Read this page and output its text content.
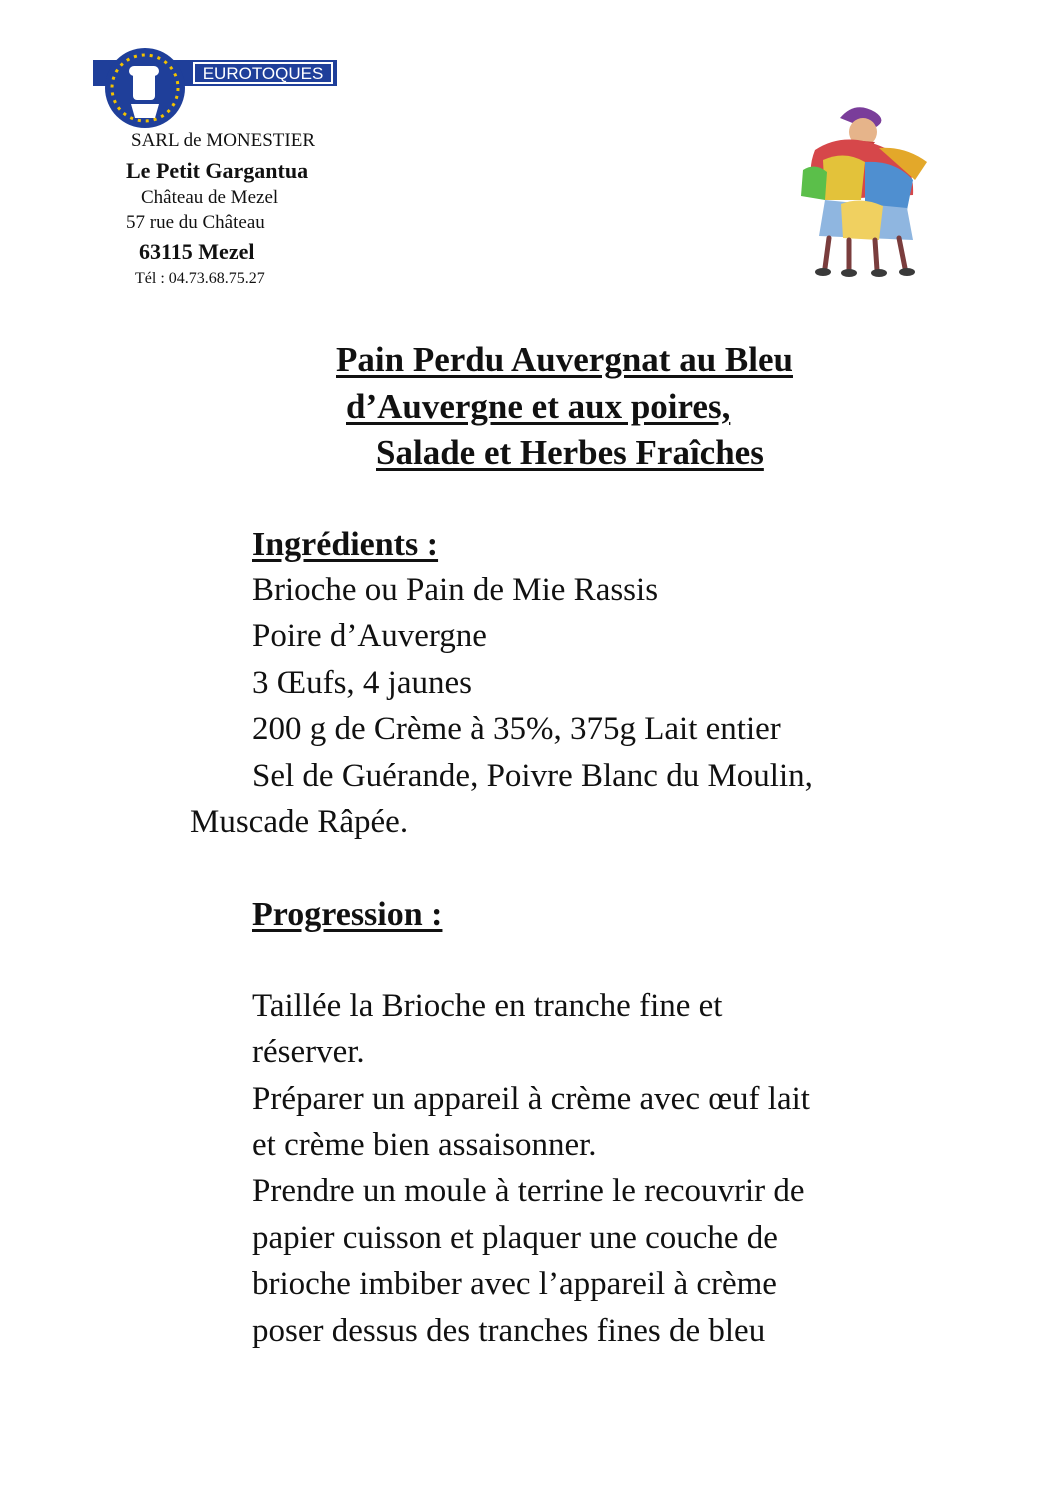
EUROTOQUES
SARL de MONESTIER
Le Petit Gargantua
Château de Mezel
57 rue du Château
63115 Mezel
Tél : 04.73.68.75.27
Pain Perdu Auvergnat au Bleu
d’Auvergne et aux poires,
Salade et Herbes Fraîches
Ingrédients :
Brioche ou Pain de Mie Rassis
Poire d’Auvergne
3 Œufs, 4 jaunes
200 g de Crème à 35%, 375g Lait entier
Sel de Guérande, Poivre Blanc du Moulin,
Muscade Râpée.
Progression :
Taillée la Brioche en tranche fine et
réserver.
Préparer un appareil à crème avec œuf lait
et crème bien assaisonner.
Prendre un moule à terrine le recouvrir de
papier cuisson et plaquer une couche de
brioche imbiber avec l’appareil à crème
poser dessus des tranches fines de bleu
